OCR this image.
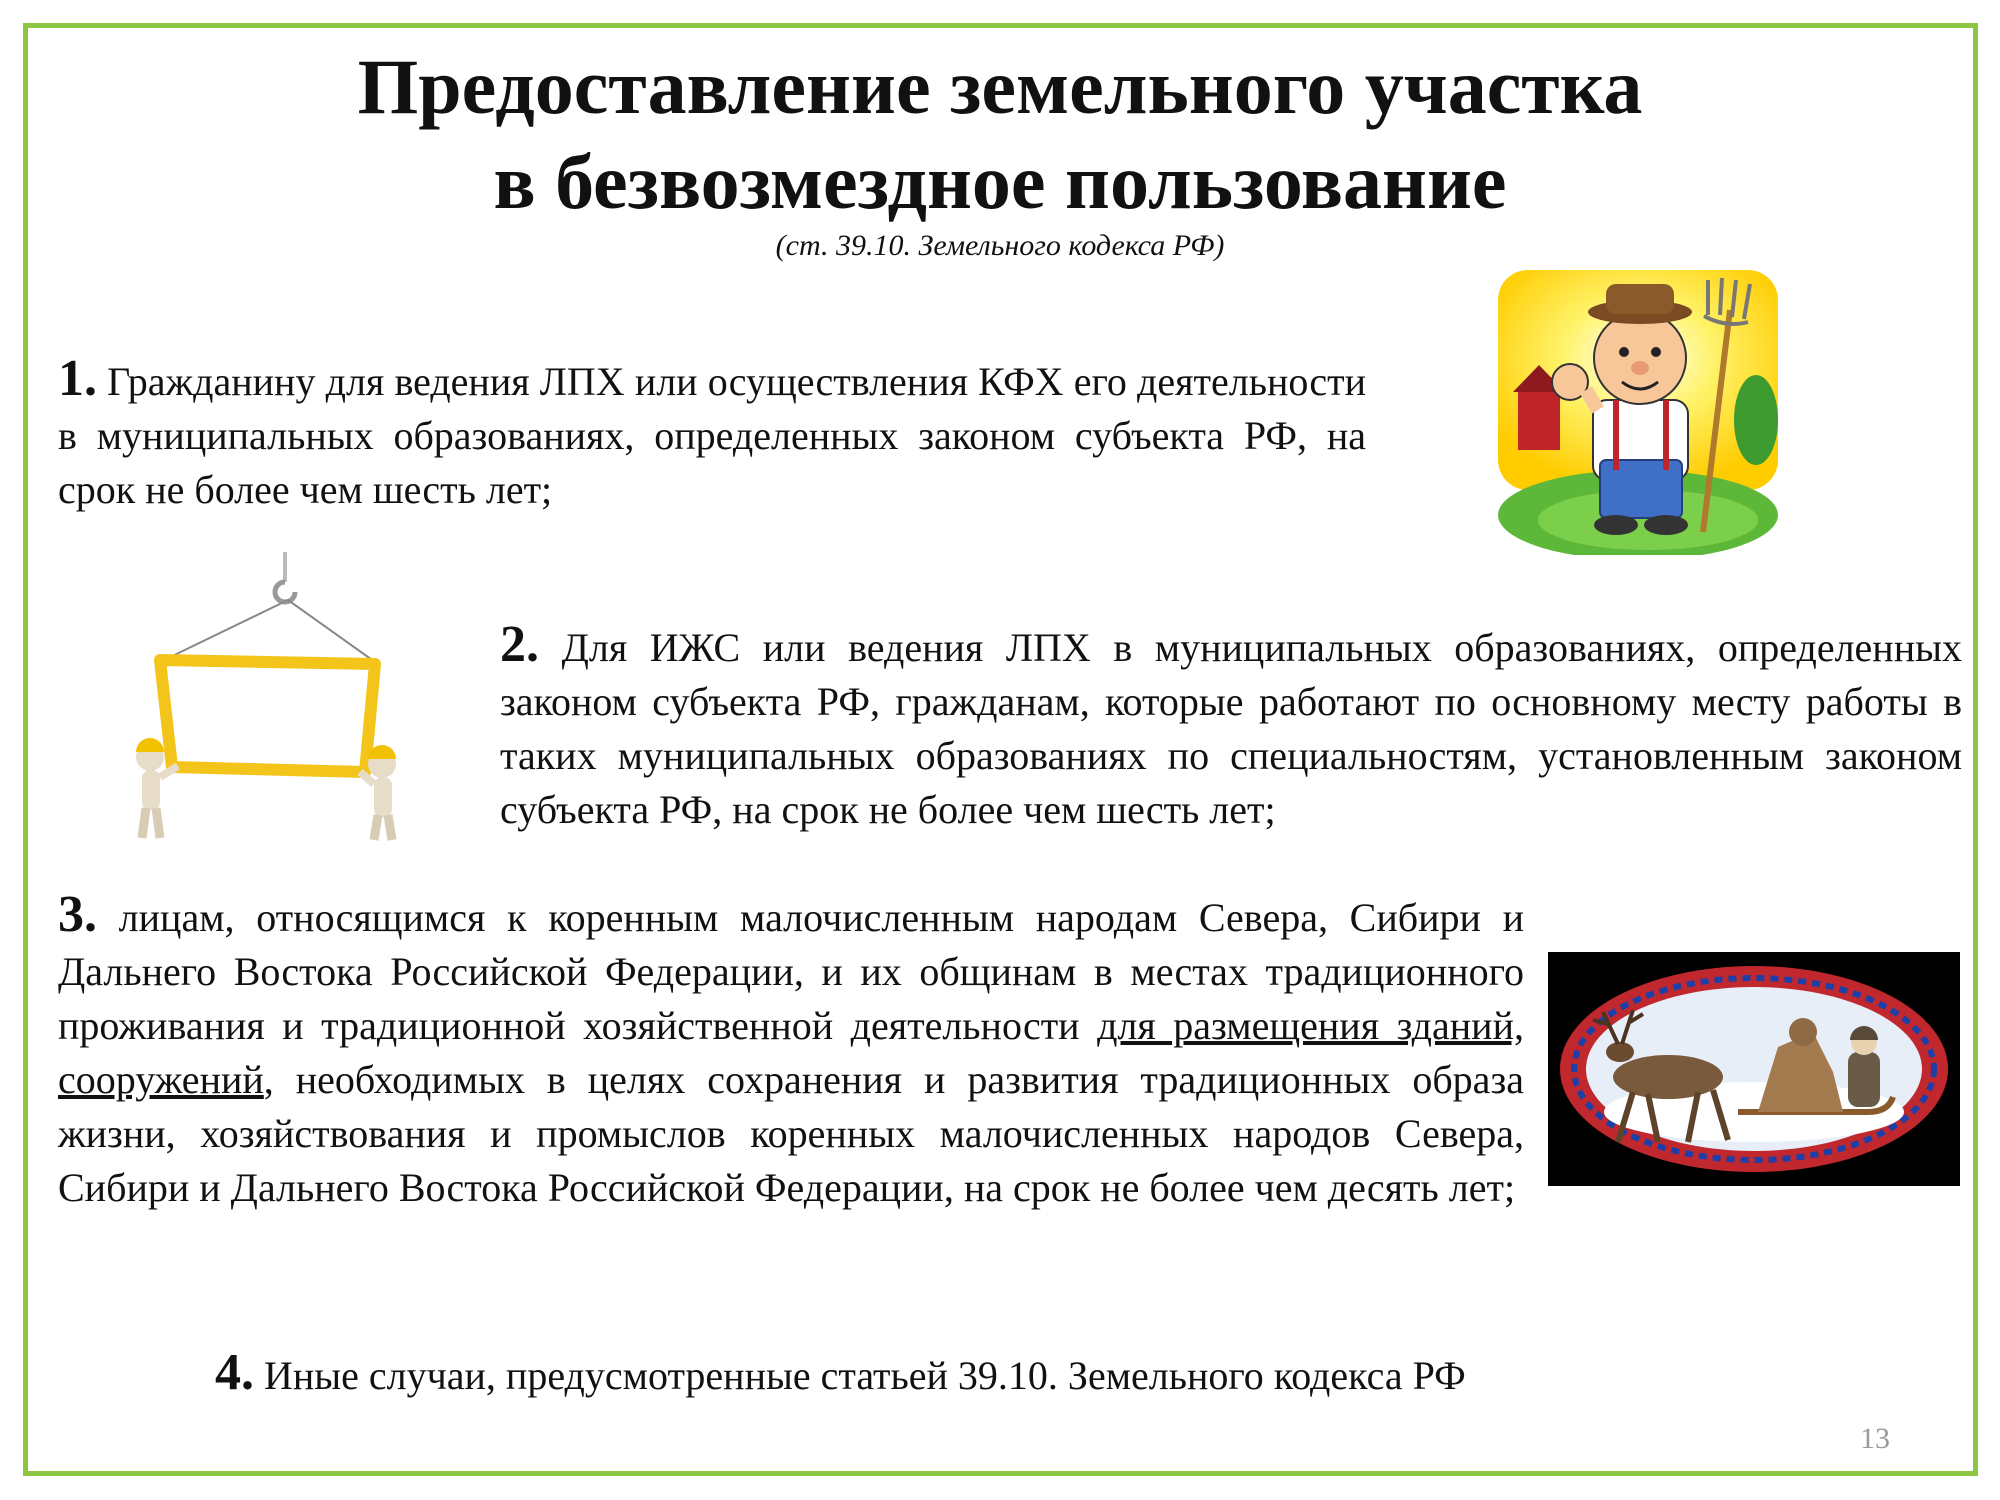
Предоставление земельного участка
в безвозмездное пользование
(ст. 39.10. Земельного кодекса РФ)

1. Гражданину для ведения ЛПХ или осуществления КФХ его деятельности в муниципальных образованиях, определенных законом субъекта РФ, на срок не более чем шесть лет;

2. Для ИЖС или ведения ЛПХ в муниципальных образованиях, определенных законом субъекта РФ, гражданам, которые работают по основному месту работы в таких муниципальных образованиях по специальностям, установленным законом субъекта РФ, на срок не более чем шесть лет;

3. лицам, относящимся к коренным малочисленным народам Севера, Сибири и Дальнего Востока Российской Федерации, и их общинам в местах традиционного проживания и традиционной хозяйственной деятельности для размещения зданий, сооружений, необходимых в целях сохранения и развития традиционных образа жизни, хозяйствования и промыслов коренных малочисленных народов Севера, Сибири и Дальнего Востока Российской Федерации, на срок не более чем десять лет;

4. Иные случаи, предусмотренные статьей 39.10. Земельного кодекса РФ

13
